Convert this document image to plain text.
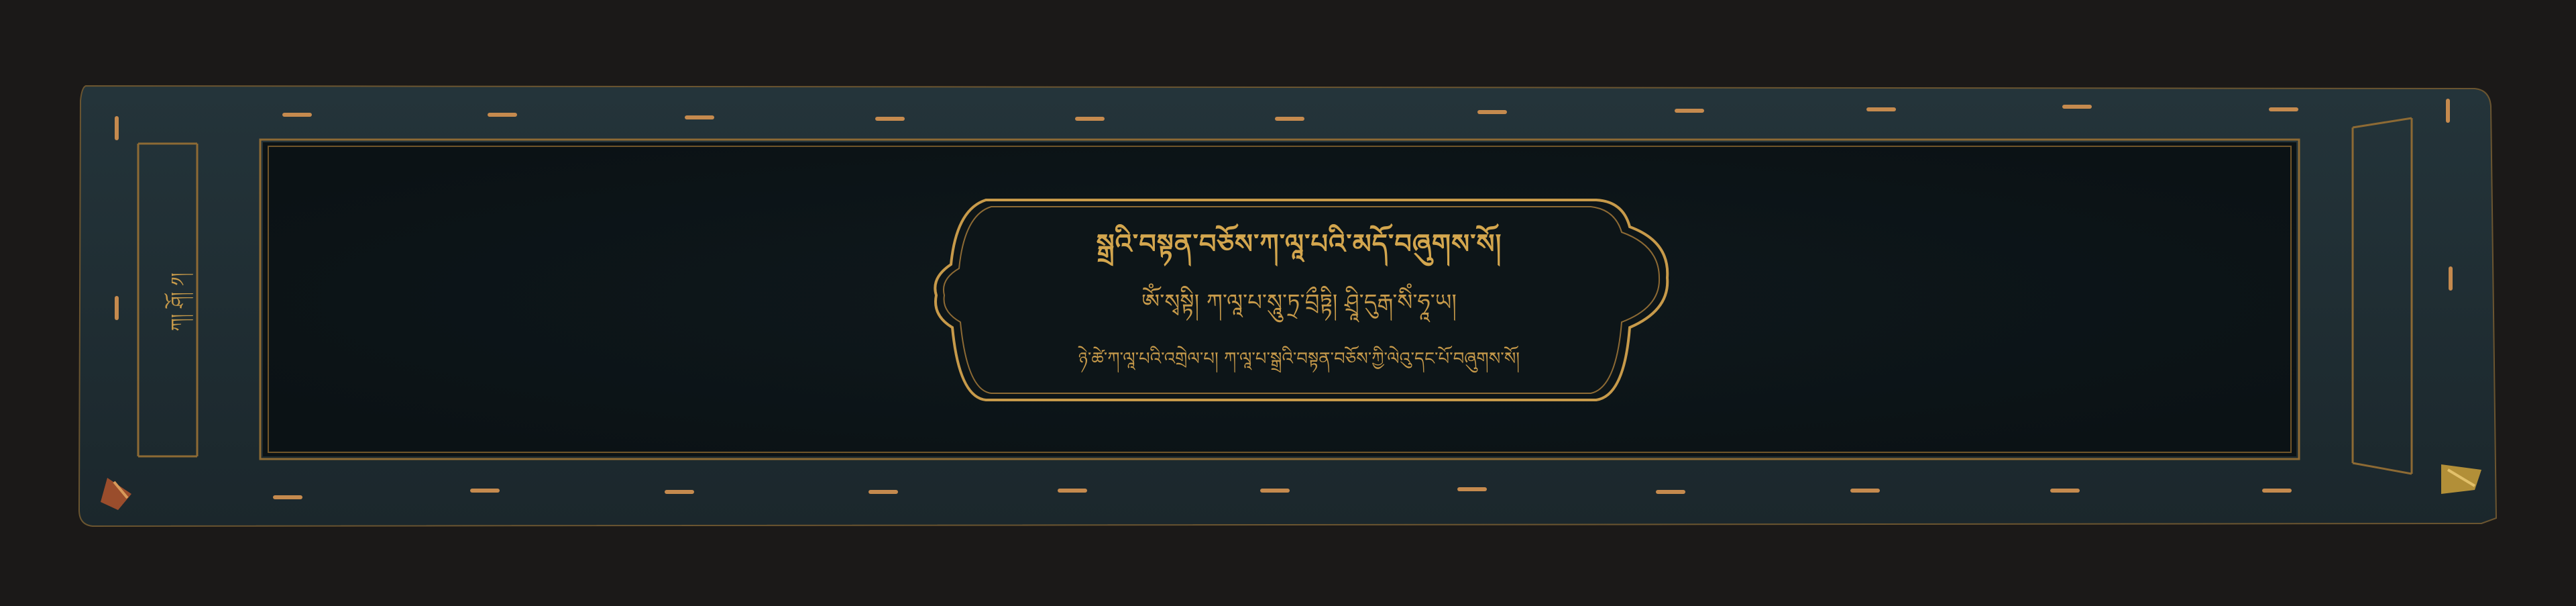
སྒྲའི་བསྟན་བཅོས་ཀ་ལཱ་པའི་མདོ་བཞུགས་སོ།
ཨོཾ་སྭསྟི། ཀ་ལཱ་པ་སཱུ་ཏྲ་བྲྀཏྟི། ཤྲཱི་དུརྒ་སིཾ་ཧཱ་ཡ།
ཉེ་ཚེ་ཀ་ལཱ་པའི་འགྲེལ་པ། ཀ་ལཱ་པ་སྒྲའི་བསྟན་བཅོས་ཀྱི་ལེའུ་དང་པོ་བཞུགས་སོ།
ཀ། ཤོ། ༡།
